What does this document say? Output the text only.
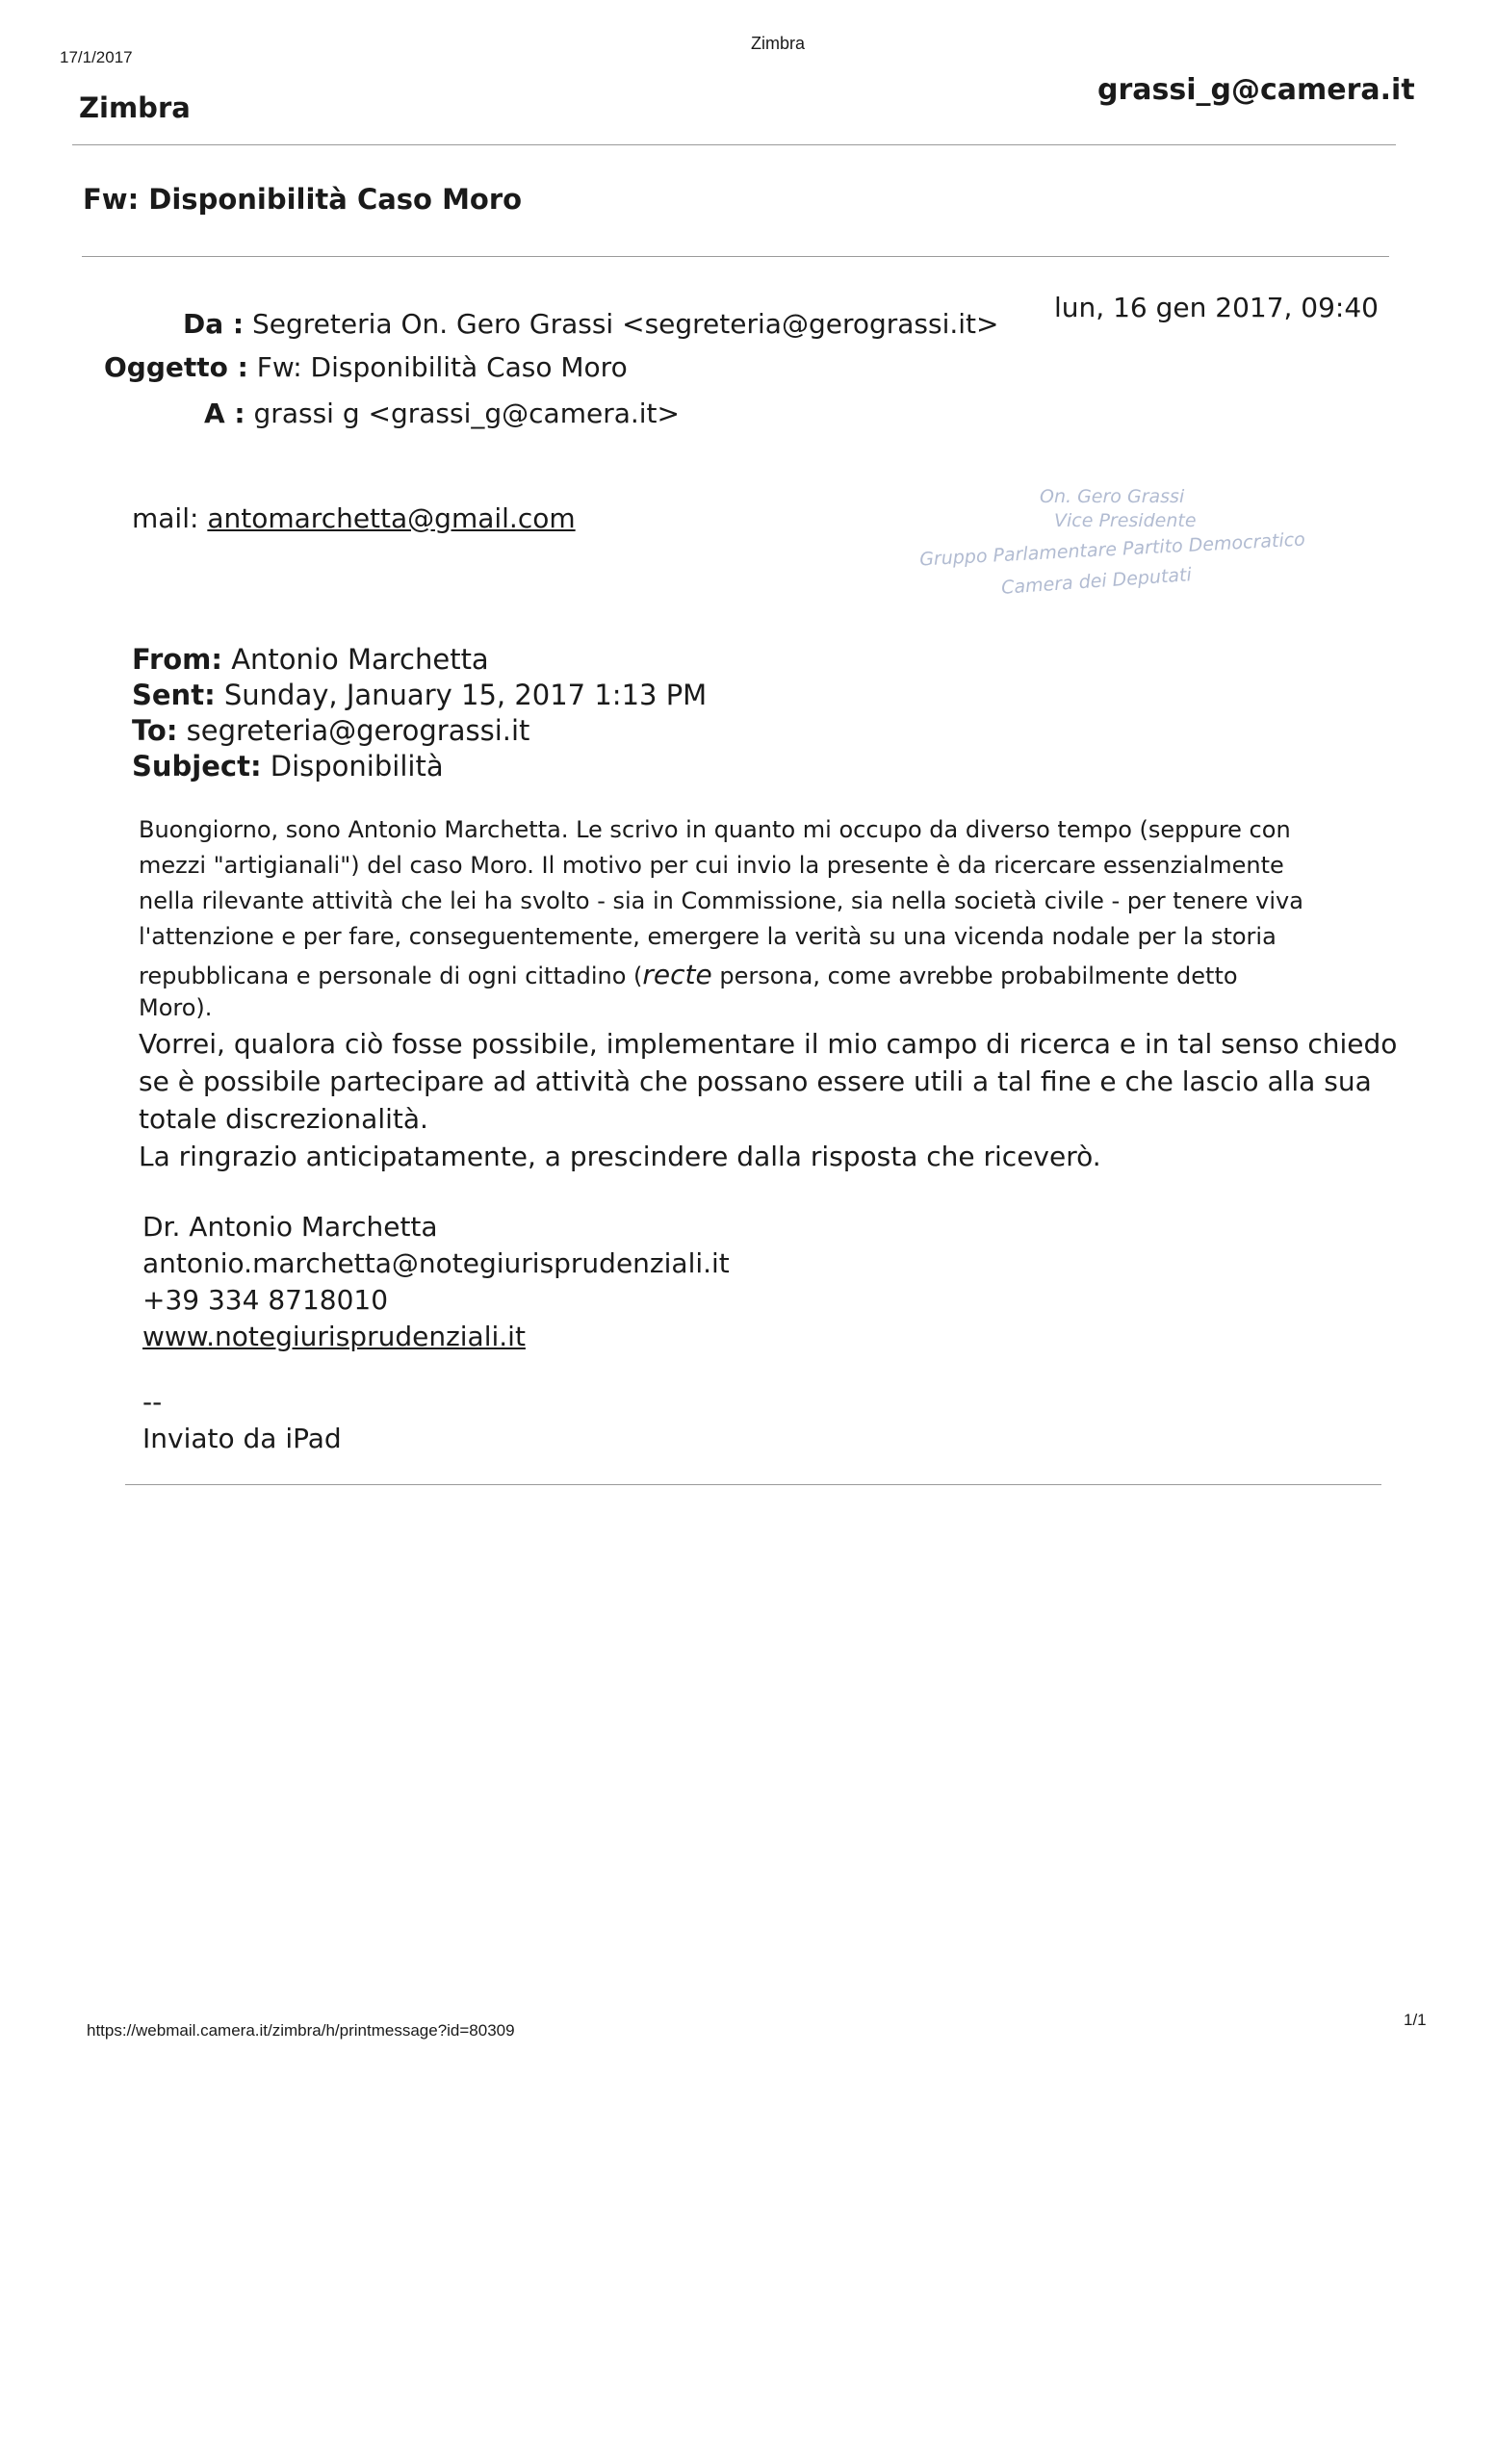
17/1/2017
Zimbra
Zimbra
grassi_g@camera.it
Fw: Disponibilità Caso Moro
Da : Segreteria On. Gero Grassi <segreteria@gerograssi.it>
Oggetto : Fw: Disponibilità Caso Moro
A : grassi g <grassi_g@camera.it>
lun, 16 gen 2017, 09:40
mail: antomarchetta@gmail.com
On. Gero Grassi
Vice Presidente
Gruppo Parlamentare Partito Democratico
Camera dei Deputati
From: Antonio Marchetta
Sent: Sunday, January 15, 2017 1:13 PM
To: segreteria@gerograssi.it
Subject: Disponibilità
Buongiorno, sono Antonio Marchetta. Le scrivo in quanto mi occupo da diverso tempo (seppure con
mezzi "artigianali") del caso Moro. Il motivo per cui invio la presente è da ricercare essenzialmente
nella rilevante attività che lei ha svolto - sia in Commissione, sia nella società civile - per tenere viva
l'attenzione e per fare, conseguentemente, emergere la verità su una vicenda nodale per la storia
repubblicana e personale di ogni cittadino (recte persona, come avrebbe probabilmente detto
Moro).
Vorrei, qualora ciò fosse possibile, implementare il mio campo di ricerca e in tal senso chiedo
se è possibile partecipare ad attività che possano essere utili a tal fine e che lascio alla sua
totale discrezionalità.
La ringrazio anticipatamente, a prescindere dalla risposta che riceverò.
Dr. Antonio Marchetta
antonio.marchetta@notegiurisprudenziali.it
+39 334 8718010
www.notegiurisprudenziali.it
--
Inviato da iPad
https://webmail.camera.it/zimbra/h/printmessage?id=80309
1/1
